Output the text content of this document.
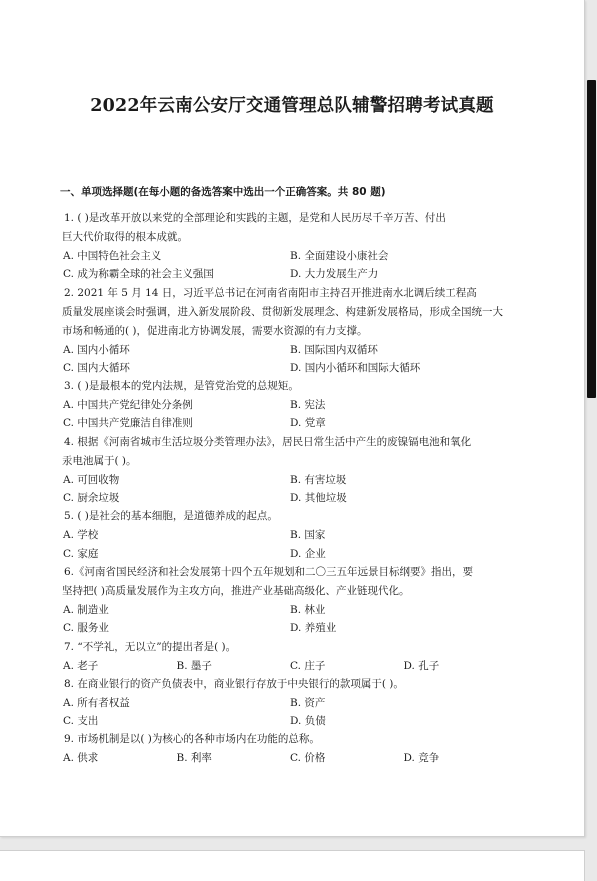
2022年云南公安厅交通管理总队辅警招聘考试真题
一、单项选择题(在每小题的备选答案中选出一个正确答案。共 80 题)
1. ( )是改革开放以来党的全部理论和实践的主题，是党和人民历尽千辛万苦、付出
巨大代价取得的根本成就。
A. 中国特色社会主义	B. 全面建设小康社会
C. 成为称霸全球的社会主义强国	D. 大力发展生产力
2. 2021 年 5 月 14 日，习近平总书记在河南省南阳市主持召开推进南水北调后续工程高
质量发展座谈会时强调，进入新发展阶段、贯彻新发展理念、构建新发展格局，形成全国统一大
市场和畅通的( )，促进南北方协调发展，需要水资源的有力支撑。
A. 国内小循环	B. 国际国内双循环
C. 国内大循环	D. 国内小循环和国际大循环
3. ( )是最根本的党内法规，是管党治党的总规矩。
A. 中国共产党纪律处分条例	B. 宪法
C. 中国共产党廉洁自律准则	D. 党章
4. 根据《河南省城市生活垃圾分类管理办法》，居民日常生活中产生的废镍镉电池和氧化
汞电池属于( )。
A. 可回收物	B. 有害垃圾
C. 厨余垃圾	D. 其他垃圾
5. ( )是社会的基本细胞，是道德养成的起点。
A. 学校	B. 国家
C. 家庭	D. 企业
6.《河南省国民经济和社会发展第十四个五年规划和二〇三五年远景目标纲要》指出，要
坚持把( )高质量发展作为主攻方向，推进产业基础高级化、产业链现代化。
A. 制造业	B. 林业
C. 服务业	D. 养殖业
7. “不学礼，无以立”的提出者是( )。
A. 老子	B. 墨子	C. 庄子	D. 孔子
8. 在商业银行的资产负债表中，商业银行存放于中央银行的款项属于( )。
A. 所有者权益	B. 资产
C. 支出	D. 负债
9. 市场机制是以( )为核心的各种市场内在功能的总称。
A. 供求	B. 利率	C. 价格	D. 竞争
